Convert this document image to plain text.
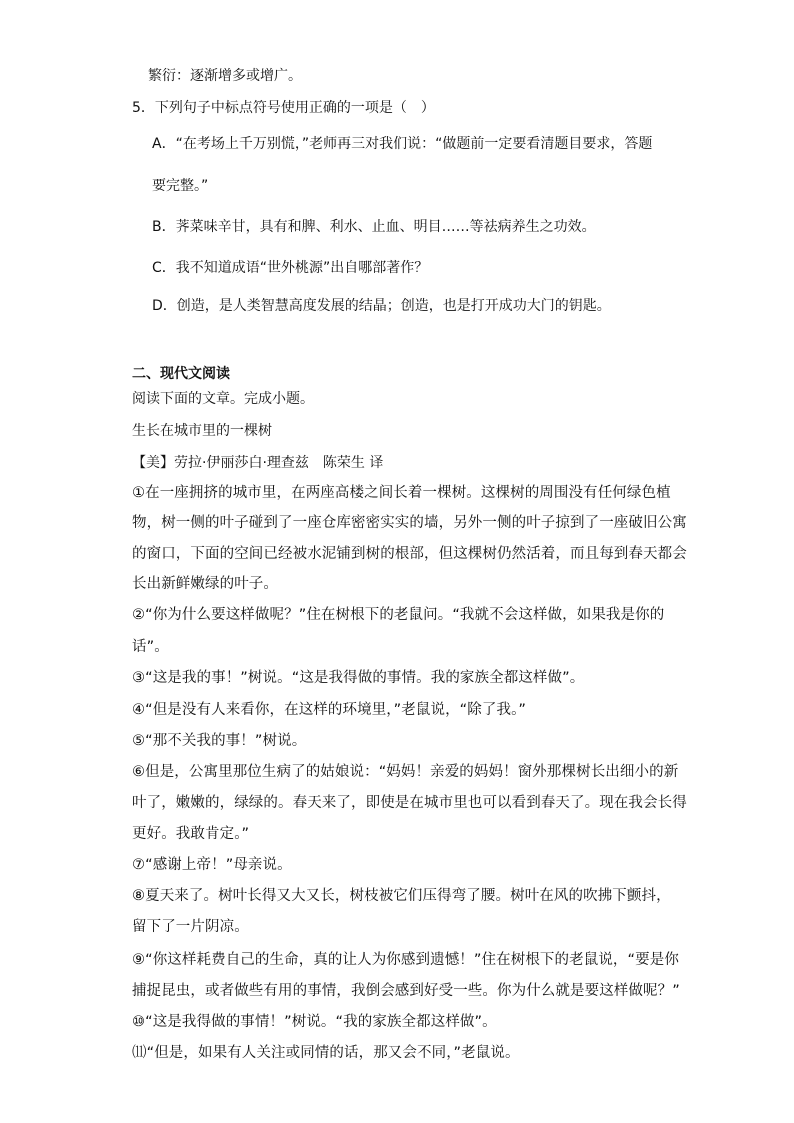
繁衍：逐渐增多或增广。
5．下列句子中标点符号使用正确的一项是（　）
A．“在考场上千万别慌，”老师再三对我们说：“做题前一定要看清题目要求，答题
要完整。”
B．荠菜味辛甘，具有和脾、利水、止血、明目……等祛病养生之功效。
C．我不知道成语“世外桃源”出自哪部著作？
D．创造，是人类智慧高度发展的结晶；创造，也是打开成功大门的钥匙。
二、现代文阅读
阅读下面的文章。完成小题。
生长在城市里的一棵树
【美】劳拉·伊丽莎白·理查兹　陈荣生 译
①在一座拥挤的城市里，在两座高楼之间长着一棵树。这棵树的周围没有任何绿色植
物，树一侧的叶子碰到了一座仓库密密实实的墙，另外一侧的叶子掠到了一座破旧公寓
的窗口，下面的空间已经被水泥铺到树的根部，但这棵树仍然活着，而且每到春天都会
长出新鲜嫩绿的叶子。
②“你为什么要这样做呢？”住在树根下的老鼠问。“我就不会这样做，如果我是你的
话”。
③“这是我的事！”树说。“这是我得做的事情。我的家族全都这样做”。
④“但是没有人来看你，在这样的环境里，”老鼠说，“除了我。”
⑤“那不关我的事！”树说。
⑥但是，公寓里那位生病了的姑娘说：“妈妈！亲爱的妈妈！窗外那棵树长出细小的新
叶了，嫩嫩的，绿绿的。春天来了，即使是在城市里也可以看到春天了。现在我会长得
更好。我敢肯定。”
⑦“感谢上帝！”母亲说。
⑧夏天来了。树叶长得又大又长，树枝被它们压得弯了腰。树叶在风的吹拂下颤抖，
留下了一片阴凉。
⑨“你这样耗费自己的生命，真的让人为你感到遗憾！”住在树根下的老鼠说，“要是你
捕捉昆虫，或者做些有用的事情，我倒会感到好受一些。你为什么就是要这样做呢？”
⑩“这是我得做的事情！”树说。“我的家族全都这样做”。
⑾“但是，如果有人关注或同情的话，那又会不同，”老鼠说。
